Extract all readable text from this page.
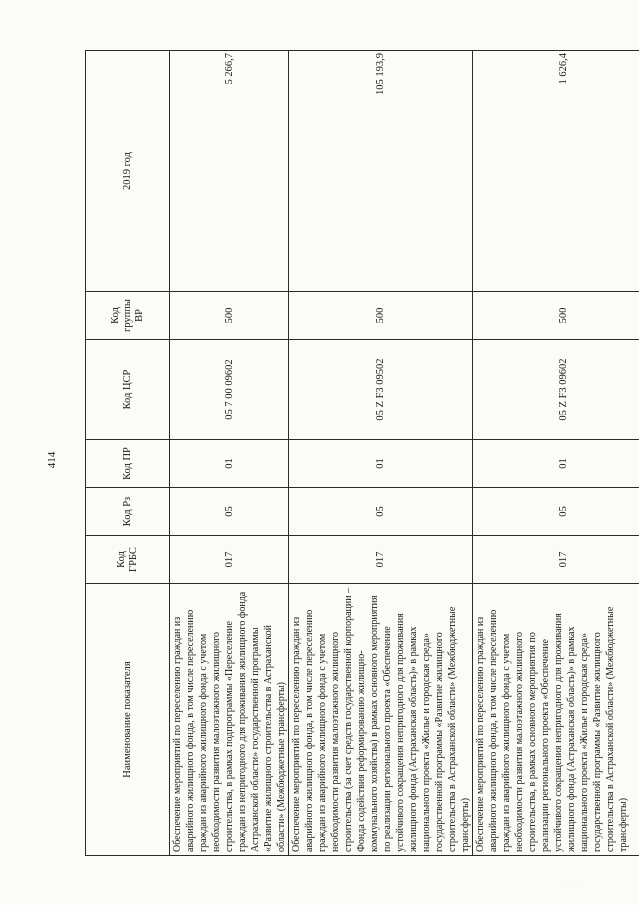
414
Наименование показателя	Код ГРБС	Код Рз	Код ПР	Код ЦСР	Код группы ВР	2019 год
Обеспечение мероприятий по переселению граждан из аварийного жилищного фонда, в том числе переселению граждан из аварийного жилищного фонда с учетом необходимости развития малоэтажного жилищного строительства, в рамках подпрограммы «Переселение граждан из непригодного для проживания жилищного фонда Астраханской области» государственной программы «Развитие жилищного строительства в Астраханской области» (Межбюджетные трансферты)	017	05	01	05 7 00 09602	500	5 266,7
Обеспечение мероприятий по переселению граждан из аварийного жилищного фонда, в том числе переселению граждан из аварийного жилищного фонда с учетом необходимости развития малоэтажного жилищного строительства (за счет средств государственной корпорации – Фонда содействия реформированию жилищно-коммунального хозяйства) в рамках основного мероприятия по реализации регионального проекта «Обеспечение устойчивого сокращения непригодного для проживания жилищного фонда (Астраханская область)» в рамках национального проекта «Жилье и городская среда» государственной программы «Развитие жилищного строительства в Астраханской области» (Межбюджетные трансферты)	017	05	01	05 Z F3 09502	500	105 193,9
Обеспечение мероприятий по переселению граждан из аварийного жилищного фонда, в том числе переселению граждан из аварийного жилищного фонда с учетом необходимости развития малоэтажного жилищного строительства, в рамках основного мероприятия по реализации регионального проекта «Обеспечение устойчивого сокращения непригодного для проживания жилищного фонда (Астраханская область)» в рамках национального проекта «Жилье и городская среда» государственной программы «Развитие жилищного строительства в Астраханской области» (Межбюджетные трансферты)	017	05	01	05 Z F3 09602	500	1 626,4
· · · ·
